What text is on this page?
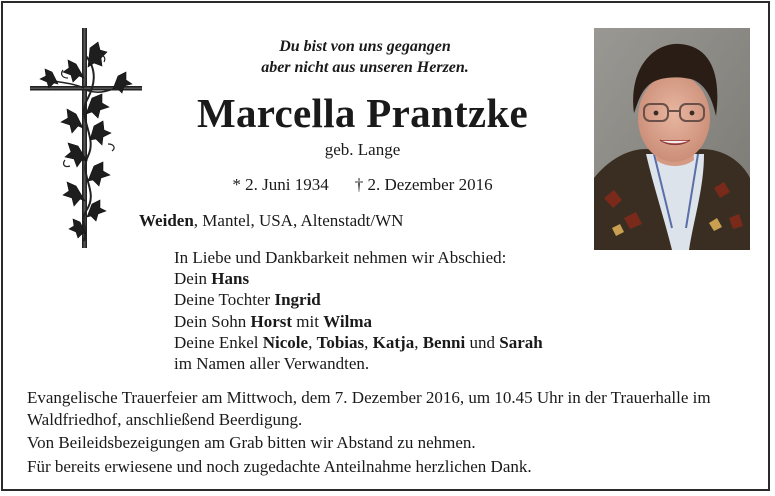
Du bist von uns gegangen
aber nicht aus unseren Herzen.
Marcella Prantzke
geb. Lange
* 2. Juni 1934 † 2. Dezember 2016
Weiden, Mantel, USA, Altenstadt/WN
In Liebe und Dankbarkeit nehmen wir Abschied:
Dein Hans
Deine Tochter Ingrid
Dein Sohn Horst mit Wilma
Deine Enkel Nicole, Tobias, Katja, Benni und Sarah
im Namen aller Verwandten.

Evangelische Trauerfeier am Mittwoch, dem 7. Dezember 2016, um 10.45 Uhr in der Trauerhalle im Waldfriedhof, anschließend Beerdigung.

Von Beileidsbezeigungen am Grab bitten wir Abstand zu nehmen.

Für bereits erwiesene und noch zugedachte Anteilnahme herzlichen Dank.
